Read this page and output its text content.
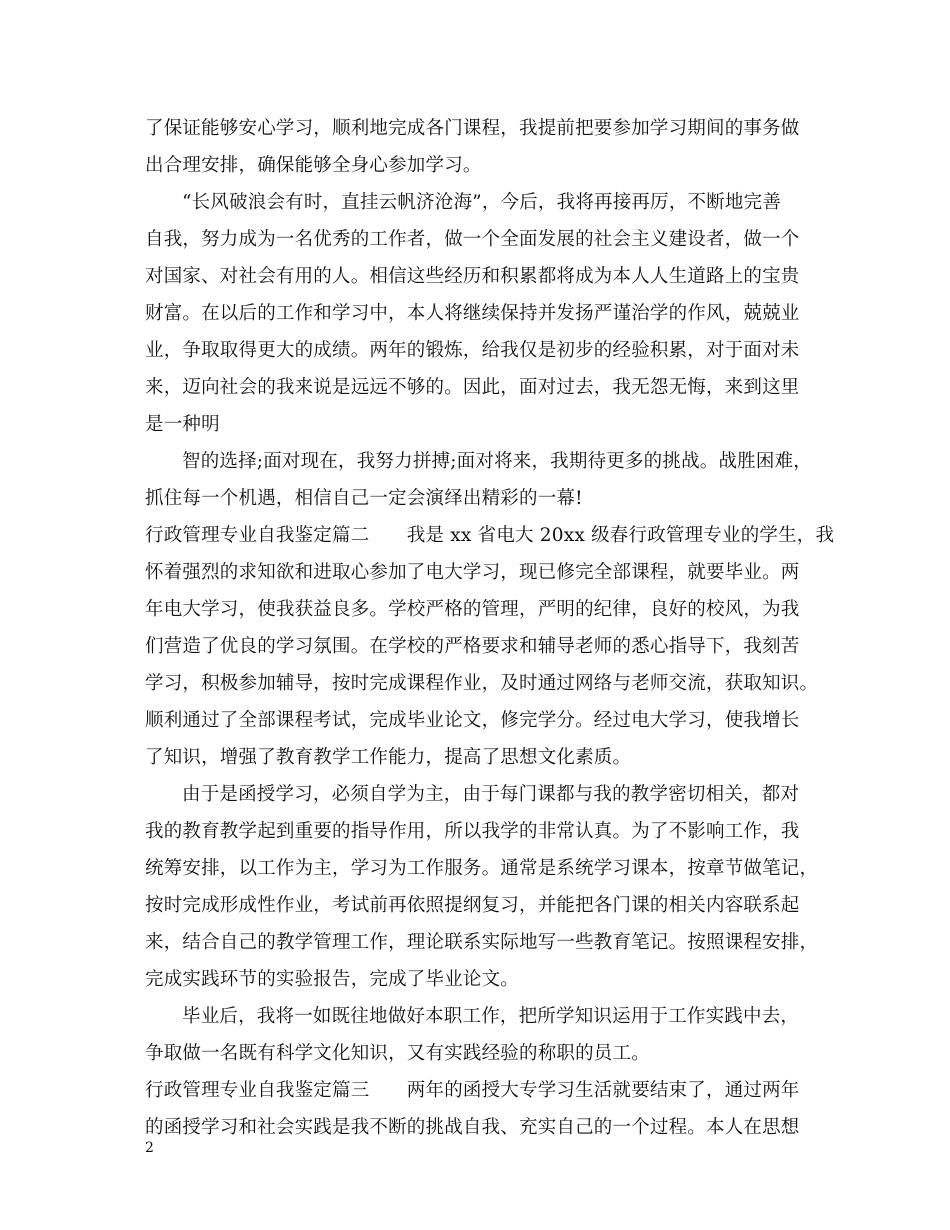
了保证能够安心学习，顺利地完成各门课程，我提前把要参加学习期间的事务做
出合理安排，确保能够全身心参加学习。
“长风破浪会有时，直挂云帆济沧海”，今后，我将再接再厉，不断地完善
自我，努力成为一名优秀的工作者，做一个全面发展的社会主义建设者，做一个
对国家、对社会有用的人。相信这些经历和积累都将成为本人人生道路上的宝贵
财富。在以后的工作和学习中，本人将继续保持并发扬严谨治学的作风，兢兢业
业，争取取得更大的成绩。两年的锻炼，给我仅是初步的经验积累，对于面对未
来，迈向社会的我来说是远远不够的。因此，面对过去，我无怨无悔，来到这里
是一种明
智的选择;面对现在，我努力拼搏;面对将来，我期待更多的挑战。战胜困难，
抓住每一个机遇，相信自己一定会演绎出精彩的一幕!
行政管理专业自我鉴定篇二　　我是 xx 省电大 20xx 级春行政管理专业的学生，我
怀着强烈的求知欲和进取心参加了电大学习，现已修完全部课程，就要毕业。两
年电大学习，使我获益良多。学校严格的管理，严明的纪律，良好的校风，为我
们营造了优良的学习氛围。在学校的严格要求和辅导老师的悉心指导下，我刻苦
学习，积极参加辅导，按时完成课程作业，及时通过网络与老师交流，获取知识。
顺利通过了全部课程考试，完成毕业论文，修完学分。经过电大学习，使我增长
了知识，增强了教育教学工作能力，提高了思想文化素质。
由于是函授学习，必须自学为主，由于每门课都与我的教学密切相关，都对
我的教育教学起到重要的指导作用，所以我学的非常认真。为了不影响工作，我
统筹安排，以工作为主，学习为工作服务。通常是系统学习课本，按章节做笔记，
按时完成形成性作业，考试前再依照提纲复习，并能把各门课的相关内容联系起
来，结合自己的教学管理工作，理论联系实际地写一些教育笔记。按照课程安排，
完成实践环节的实验报告，完成了毕业论文。
毕业后，我将一如既往地做好本职工作，把所学知识运用于工作实践中去，
争取做一名既有科学文化知识，又有实践经验的称职的员工。
行政管理专业自我鉴定篇三　　两年的函授大专学习生活就要结束了，通过两年
的函授学习和社会实践是我不断的挑战自我、充实自己的一个过程。本人在思想
2
